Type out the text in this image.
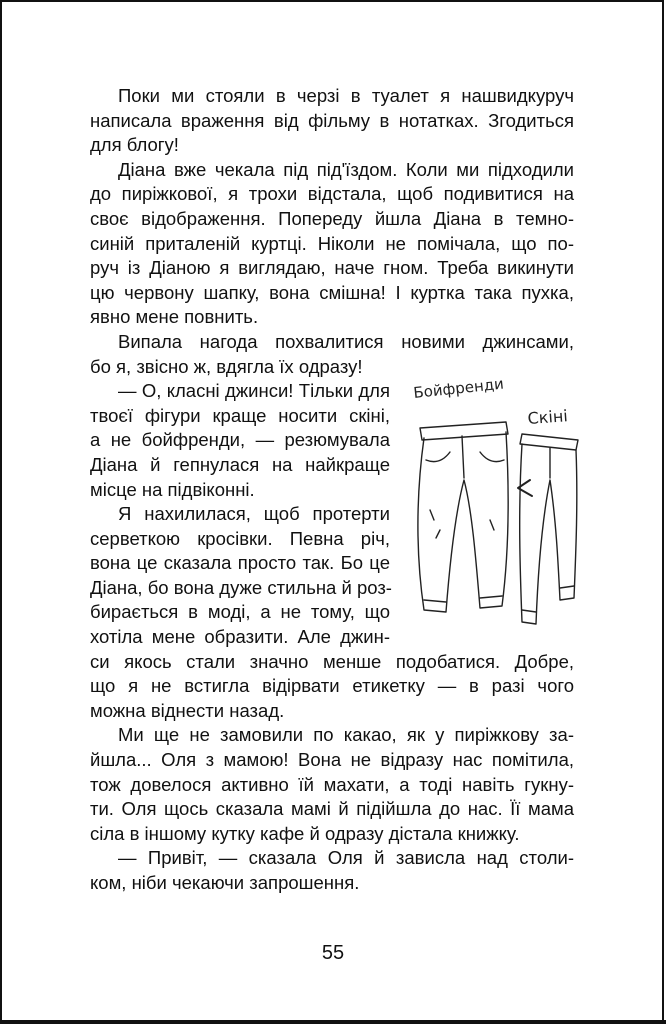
Поки ми стояли в черзі в туалет я нашвидкуруч
написала враження від фільму в нотатках. Згодиться
для блогу!
Діана вже чекала під під'їздом. Коли ми підходили
до пиріжкової, я трохи відстала, щоб подивитися на
своє відображення. Попереду йшла Діана в темно-
синій приталеній куртці. Ніколи не помічала, що по-
руч із Діаною я виглядаю, наче гном. Треба викинути
цю червону шапку, вона смішна! І куртка така пухка,
явно мене повнить.
Випала нагода похвалитися новими джинсами,
бо я, звісно ж, вдягла їх одразу!
— О, класні джинси! Тільки для
твоєї фігури краще носити скіні,
а не бойфренди, — резюмувала
Діана й гепнулася на найкраще
місце на підвіконні.
Я нахилилася, щоб протерти
серветкою кросівки. Певна річ,
вона це сказала просто так. Бо це
Діана, бо вона дуже стильна й роз-
бирається в моді, а не тому, що
хотіла мене образити. Але джин-
си якось стали значно менше подобатися. Добре,
що я не встигла відірвати етикетку — в разі чого
можна віднести назад.
Ми ще не замовили по какао, як у пиріжкову за-
йшла... Оля з мамою! Вона не відразу нас помітила,
тож довелося активно їй махати, а тоді навіть гукну-
ти. Оля щось сказала мамі й підійшла до нас. Її мама
сіла в іншому кутку кафе й одразу дістала книжку.
— Привіт, — сказала Оля й зависла над столи-
ком, ніби чекаючи запрошення.
Бойфренди
Скіні
55
